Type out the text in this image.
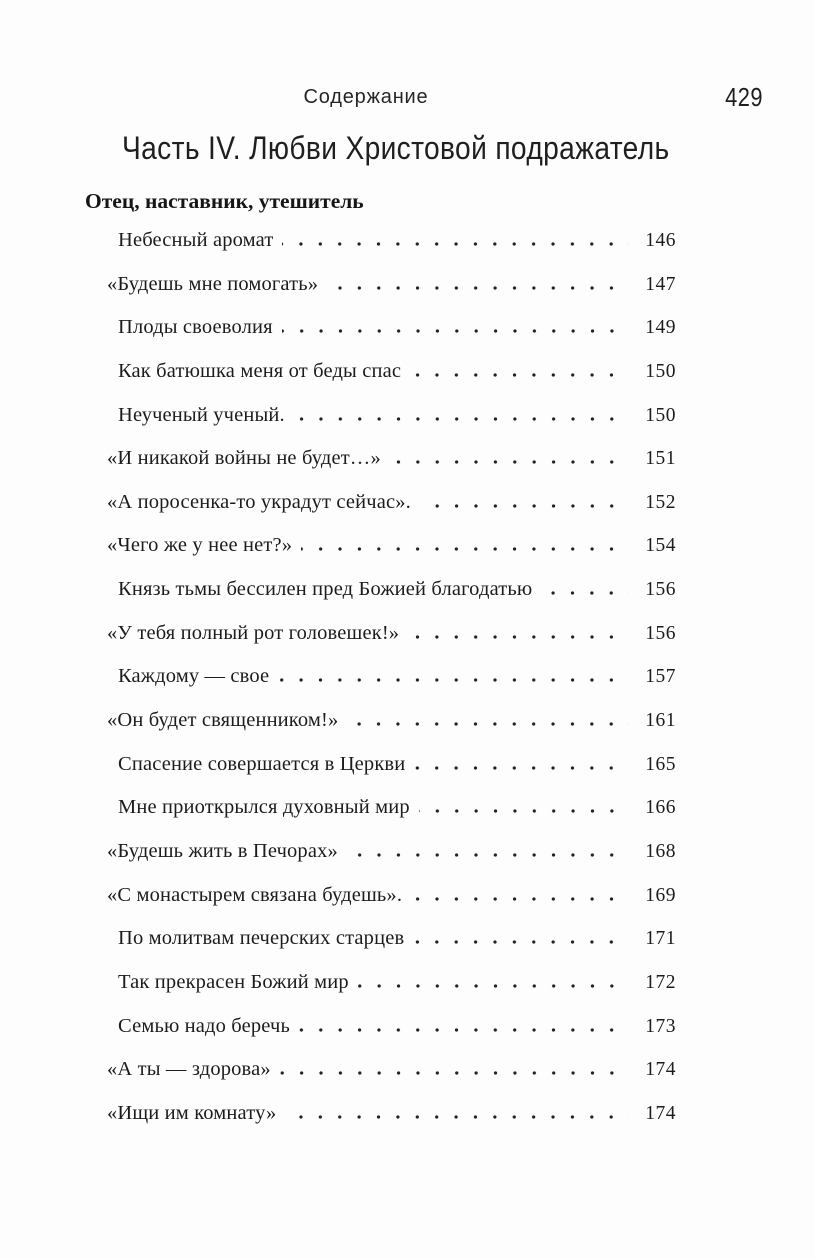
Содержание	429
Часть IV. Любви Христовой подражатель
Отец, наставник, утешитель
Небесный аромат	146
«Будешь мне помогать»	147
Плоды своеволия	149
Как батюшка меня от беды спас	150
Неученый ученый.	150
«И никакой войны не будет…»	151
«А поросенка-то украдут сейчас».	152
«Чего же у нее нет?»	154
Князь тьмы бессилен пред Божией благодатью	156
«У тебя полный рот головешек!»	156
Каждому — свое	157
«Он будет священником!»	161
Спасение совершается в Церкви	165
Мне приоткрылся духовный мир	166
«Будешь жить в Печорах»	168
«С монастырем связана будешь».	169
По молитвам печерских старцев	171
Так прекрасен Божий мир	172
Семью надо беречь	173
«А ты — здорова»	174
«Ищи им комнату»	174
